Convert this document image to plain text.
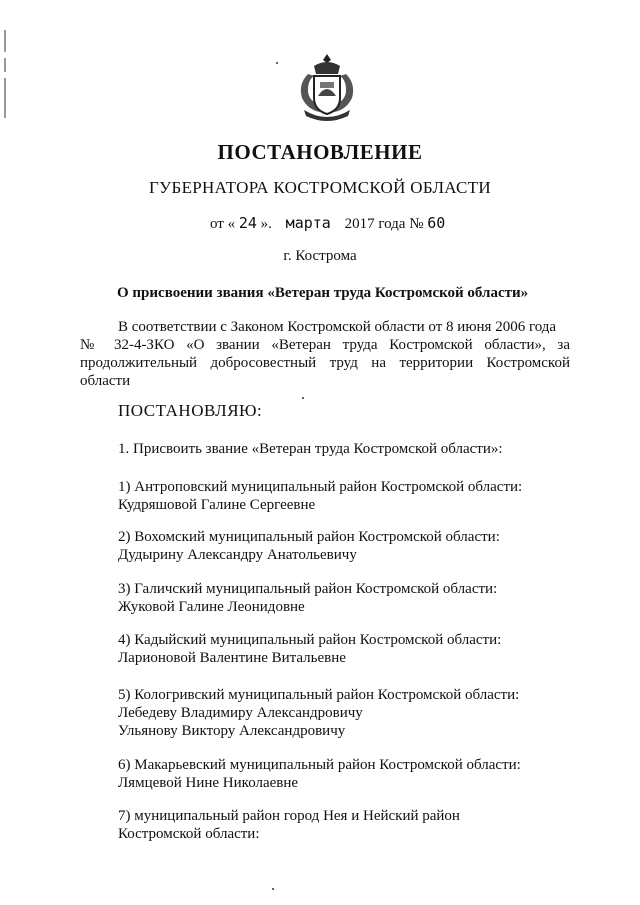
ПОСТАНОВЛЕНИЕ
ГУБЕРНАТОРА КОСТРОМСКОЙ ОБЛАСТИ
от « 24 ». марта 2017 года № 60
г. Кострома
О присвоении звания «Ветеран труда Костромской области»

В соответствии с Законом Костромской области от 8 июня 2006 года

№ 32-4-ЗКО «О звании «Ветеран труда Костромской области», за

продолжительный добросовестный труд на территории Костромской

области

ПОСТАНОВЛЯЮ:
1. Присвоить звание «Ветеран труда Костромской области»:
1) Антроповский муниципальный район Костромской области:
Кудряшовой Галине Сергеевне
2) Вохомский муниципальный район Костромской области:
Дудырину Александру Анатольевичу
3) Галичский муниципальный район Костромской области:
Жуковой Галине Леонидовне
4) Кадыйский муниципальный район Костромской области:
Ларионовой Валентине Витальевне
5) Кологривский муниципальный район Костромской области:
Лебедеву Владимиру Александровичу
Ульянову Виктору Александровичу
6) Макарьевский муниципальный район Костромской области:
Лямцевой Нине Николаевне
7) муниципальный район город Нея и Нейский район
Костромской области:
